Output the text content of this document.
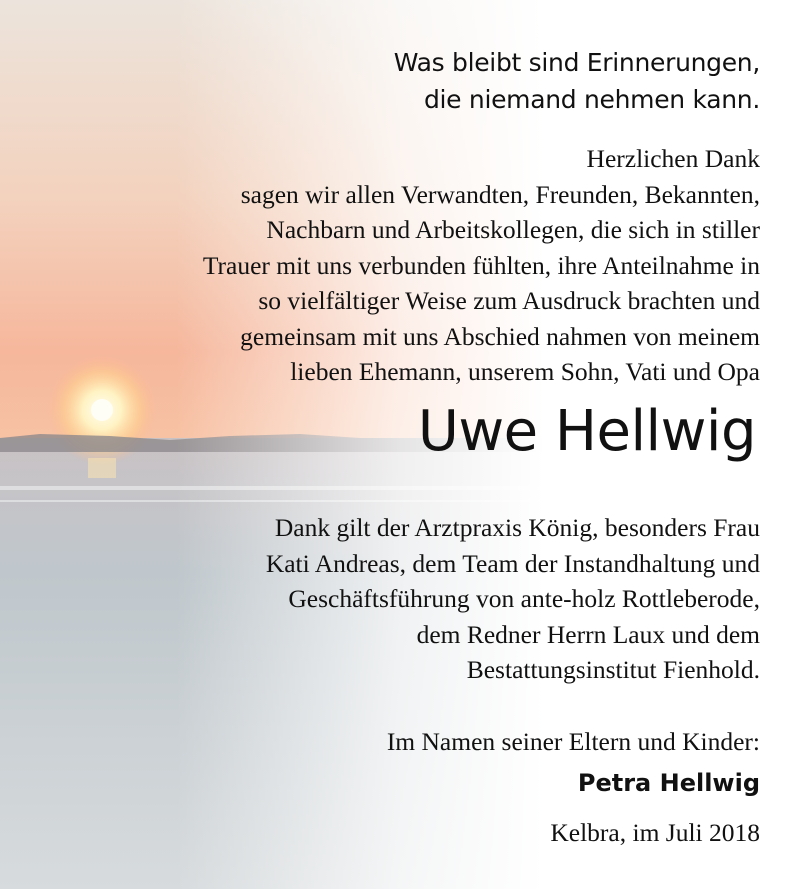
Was bleibt sind Erinnerungen,
die niemand nehmen kann.
Herzlichen Dank
sagen wir allen Verwandten, Freunden, Bekannten,
Nachbarn und Arbeitskollegen, die sich in stiller
Trauer mit uns verbunden fühlten, ihre Anteilnahme in
so vielfältiger Weise zum Ausdruck brachten und
gemeinsam mit uns Abschied nahmen von meinem
lieben Ehemann, unserem Sohn, Vati und Opa
Uwe Hellwig
Dank gilt der Arztpraxis König, besonders Frau
Kati Andreas, dem Team der Instandhaltung und
Geschäftsführung von ante-holz Rottleberode,
dem Redner Herrn Laux und dem
Bestattungsinstitut Fienhold.
Im Namen seiner Eltern und Kinder:
Petra Hellwig
Kelbra, im Juli 2018
